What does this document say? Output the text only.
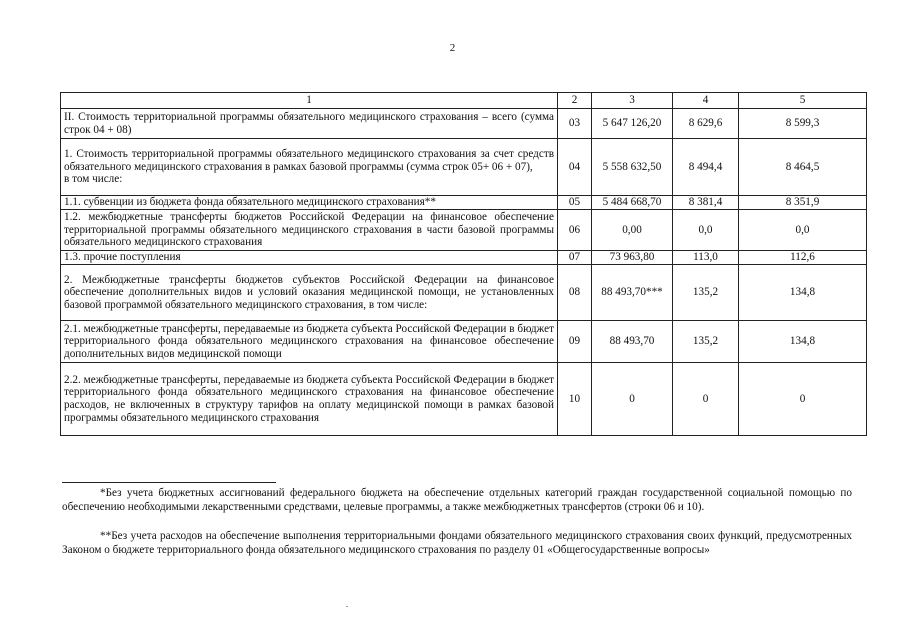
2
1	2	3	4	5
II. Стоимость территориальной программы обязательного медицинского страхования – всего (сумма строк 04 + 08)	03	5 647 126,20	8 629,6	8 599,3
1. Стоимость территориальной программы обязательного медицинского страхования за счет средств обязательного медицинского страхования в рамках базовой программы (сумма строк 05+ 06 + 07),
в том числе:	04	5 558 632,50	8 494,4	8 464,5
1.1. субвенции из бюджета фонда обязательного медицинского страхования**	05	5 484 668,70	8 381,4	8 351,9
1.2. межбюджетные трансферты бюджетов Российской Федерации на финансовое обеспечение территориальной программы обязательного медицинского страхования в части базовой программы обязательного медицинского страхования	06	0,00	0,0	0,0
1.3. прочие поступления	07	73 963,80	113,0	112,6
2. Межбюджетные трансферты бюджетов субъектов Российской Федерации на финансовое обеспечение дополнительных видов и условий оказания медицинской помощи, не установленных базовой программой обязательного медицинского страхования, в том числе:	08	88 493,70***	135,2	134,8
2.1. межбюджетные трансферты, передаваемые из бюджета субъекта Российской Федерации в бюджет территориального фонда обязательного медицинского страхования на финансовое обеспечение дополнительных видов медицинской помощи	09	88 493,70	135,2	134,8
2.2. межбюджетные трансферты, передаваемые из бюджета субъекта Российской Федерации в бюджет территориального фонда обязательного медицинского страхования на финансовое обеспечение расходов, не включенных в структуру тарифов на оплату медицинской помощи в рамках базовой программы обязательного медицинского страхования	10	0	0	0

*Без учета бюджетных ассигнований федерального бюджета на обеспечение отдельных категорий граждан государственной социальной помощью по обеспечению необходимыми лекарственными средствами, целевые программы, а также межбюджетных трансфертов (строки 06 и 10).

**Без учета расходов на обеспечение выполнения территориальными фондами обязательного медицинского страхования своих функций, предусмотренных Законом о бюджете территориального фонда обязательного медицинского страхования по разделу 01 «Общегосударственные вопросы»
